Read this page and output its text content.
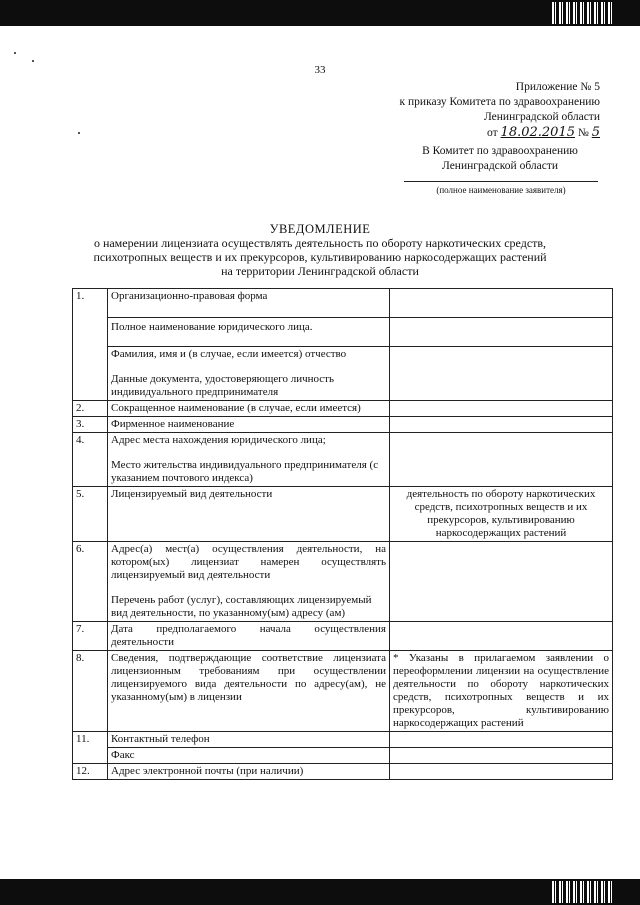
33
Приложение № 5
к приказу Комитета по здравоохранению
Ленинградской области
от 18.02.2015 № 5
В Комитет по здравоохранению
Ленинградской области
(полное наименование заявителя)
УВЕДОМЛЕНИЕ
о намерении лицензиата осуществлять деятельность по обороту наркотических средств,
психотропных веществ и их прекурсоров, культивированию наркосодержащих растений
на территории Ленинградской области
1.	Организационно-правовая форма	
	Полное наименование юридического лица.	

	Фамилия, имя и (в случае, если имеется) отчество
Данные документа, удостоверяющего личность индивидуального предпринимателя	

2.	Сокращенное наименование (в случае, если имеется)	
3.	Фирменное наименование	
4.	Адрес места нахождения юридического лица;
Место жительства индивидуального предпринимателя (с указанием почтового индекса)	

5.	Лицензируемый вид деятельности	деятельность по обороту наркотических средств, психотропных веществ и их прекурсоров, культивированию наркосодержащих растений
6.	Адрес(а) мест(а) осуществления деятельности, на котором(ых) лицензиат намерен осуществлять лицензируемый вид деятельности
Перечень работ (услуг), составляющих лицензируемый вид деятельности, по указанному(ым) адресу (ам)	

7.	Дата предполагаемого начала осуществления деятельности	
8.	Сведения, подтверждающие соответствие лицензиата лицензионным требованиям при осуществлении лицензируемого вида деятельности по адресу(ам), не указанному(ым) в лицензии	* Указаны в прилагаемом заявлении о переоформлении лицензии на осуществление деятельности по обороту наркотических средств, психотропных веществ и их прекурсоров, культивированию наркосодержащих растений
11.	Контактный телефон	
	Факс	
12.	Адрес электронной почты (при наличии)	
